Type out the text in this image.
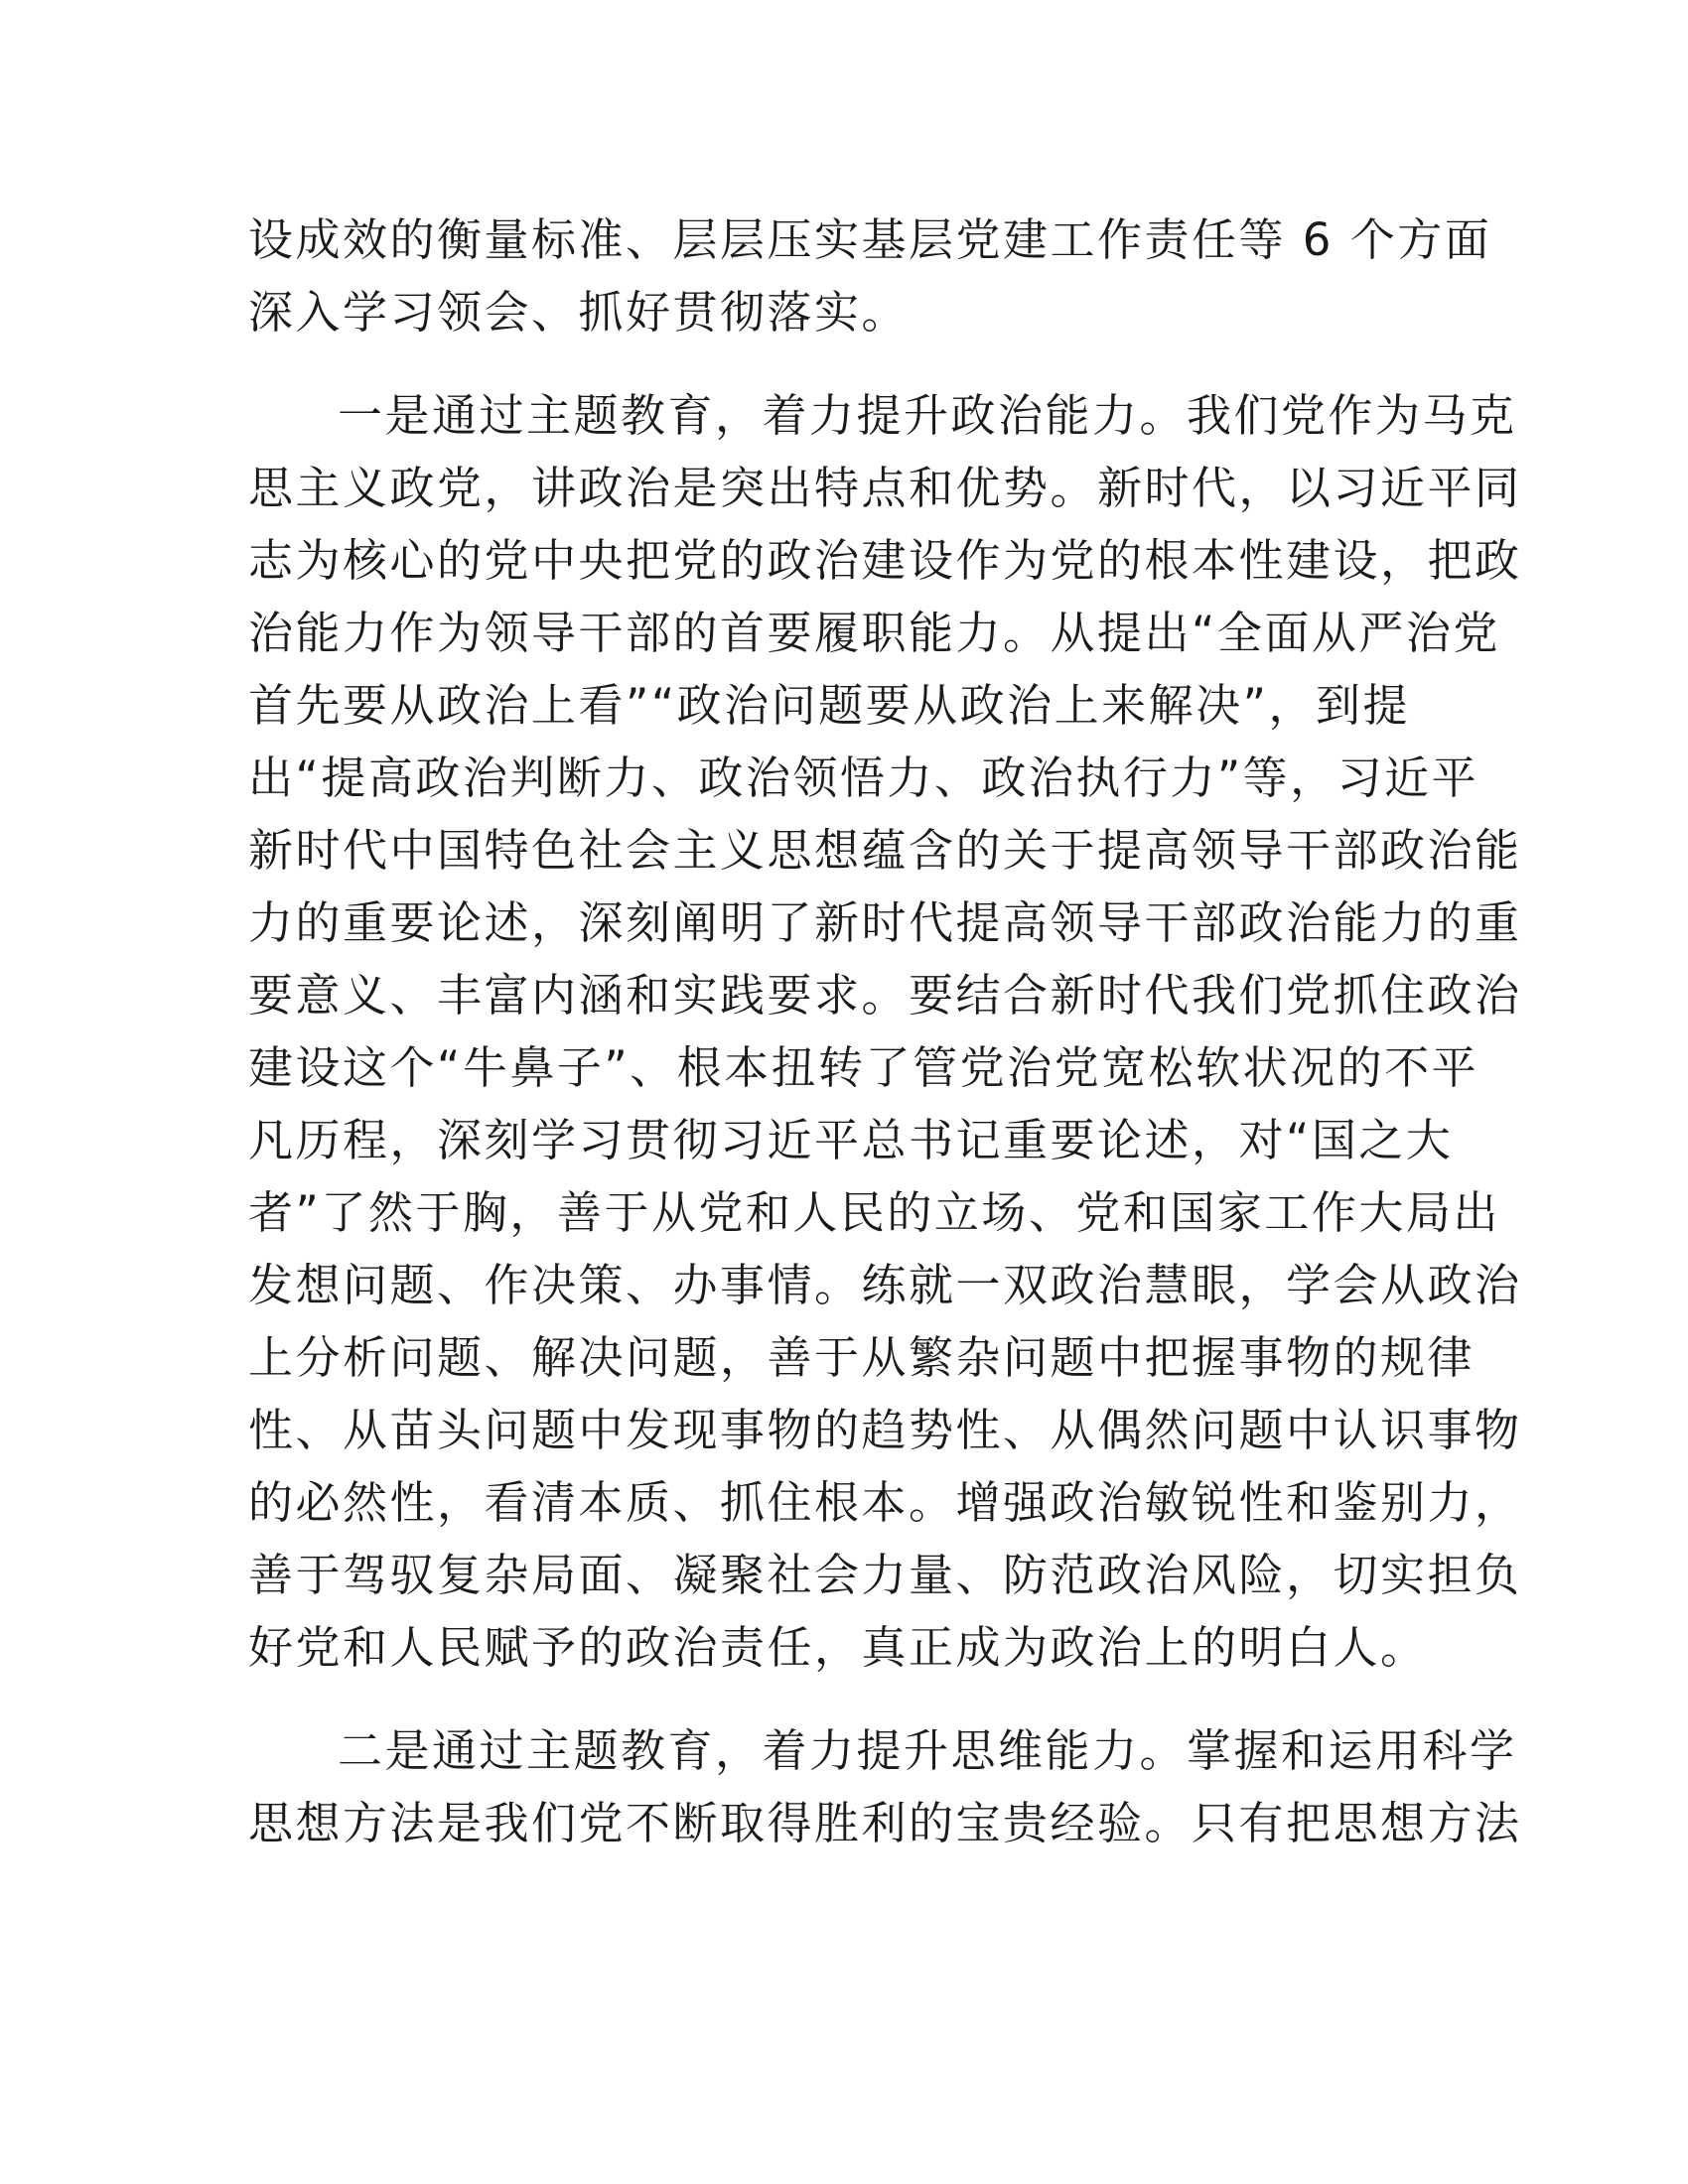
设成效的衡量标准、层层压实基层党建工作责任等 6 个方面
深入学习领会、抓好贯彻落实。
一是通过主题教育，着力提升政治能力。我们党作为马克
思主义政党，讲政治是突出特点和优势。新时代，以习近平同
志为核心的党中央把党的政治建设作为党的根本性建设，把政
治能力作为领导干部的首要履职能力。从提出“全面从严治党
首先要从政治上看”“政治问题要从政治上来解决”，到提
出“提高政治判断力、政治领悟力、政治执行力”等，习近平
新时代中国特色社会主义思想蕴含的关于提高领导干部政治能
力的重要论述，深刻阐明了新时代提高领导干部政治能力的重
要意义、丰富内涵和实践要求。要结合新时代我们党抓住政治
建设这个“牛鼻子”、根本扭转了管党治党宽松软状况的不平
凡历程，深刻学习贯彻习近平总书记重要论述，对“国之大
者”了然于胸，善于从党和人民的立场、党和国家工作大局出
发想问题、作决策、办事情。练就一双政治慧眼，学会从政治
上分析问题、解决问题，善于从繁杂问题中把握事物的规律
性、从苗头问题中发现事物的趋势性、从偶然问题中认识事物
的必然性，看清本质、抓住根本。增强政治敏锐性和鉴别力，
善于驾驭复杂局面、凝聚社会力量、防范政治风险，切实担负
好党和人民赋予的政治责任，真正成为政治上的明白人。
二是通过主题教育，着力提升思维能力。掌握和运用科学
思想方法是我们党不断取得胜利的宝贵经验。只有把思想方法
